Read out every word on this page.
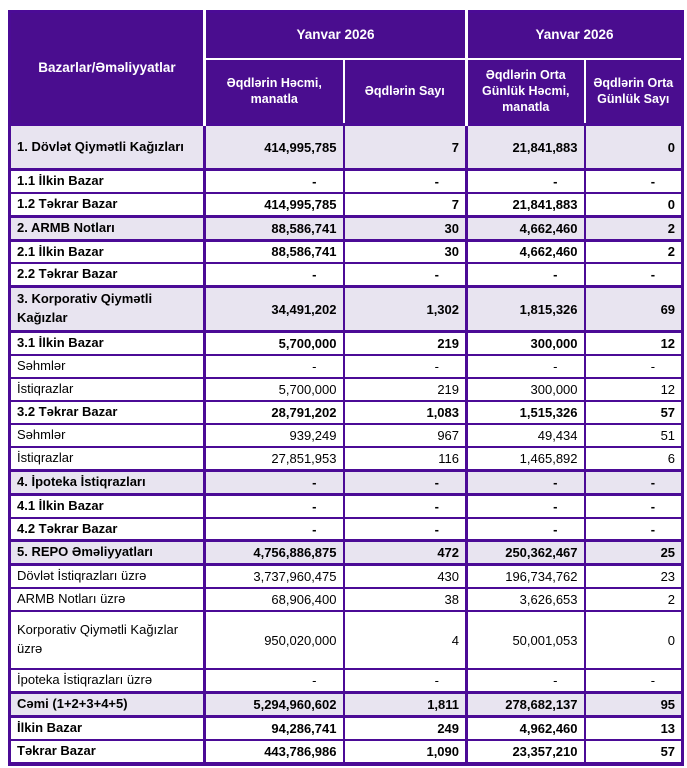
Bazarlar/Əməliyyatlar	Yanvar 2026		Yanvar 2026	
	Əqdlərin Həcmi, manatla	Əqdlərin Sayı	Əqdlərin Orta Günlük Həcmi, manatla	Əqdlərin Orta Günlük Sayı
1. Dövlət Qiymətli Kağızları	414,995,785	7	21,841,883	0
1.1 İlkin Bazar	-	-	-	-
1.2 Təkrar Bazar	414,995,785	7	21,841,883	0
2. ARMB Notları	88,586,741	30	4,662,460	2
2.1 İlkin Bazar	88,586,741	30	4,662,460	2
2.2 Təkrar Bazar	-	-	-	-
3. Korporativ Qiymətli Kağızlar	34,491,202	1,302	1,815,326	69
3.1 İlkin Bazar	5,700,000	219	300,000	12
Səhmlər	-	-	-	-
İstiqrazlar	5,700,000	219	300,000	12
3.2 Təkrar Bazar	28,791,202	1,083	1,515,326	57
Səhmlər	939,249	967	49,434	51
İstiqrazlar	27,851,953	116	1,465,892	6
4. İpoteka İstiqrazları	-	-	-	-
4.1 İlkin Bazar	-	-	-	-
4.2 Təkrar Bazar	-	-	-	-
5. REPO Əməliyyatları	4,756,886,875	472	250,362,467	25
Dövlət İstiqrazları üzrə	3,737,960,475	430	196,734,762	23
ARMB Notları üzrə	68,906,400	38	3,626,653	2
Korporativ Qiymətli Kağızlar üzrə	950,020,000	4	50,001,053	0
İpoteka İstiqrazları üzrə	-	-	-	-
Cəmi (1+2+3+4+5)	5,294,960,602	1,811	278,682,137	95
İlkin Bazar	94,286,741	249	4,962,460	13
Təkrar Bazar	443,786,986	1,090	23,357,210	57
